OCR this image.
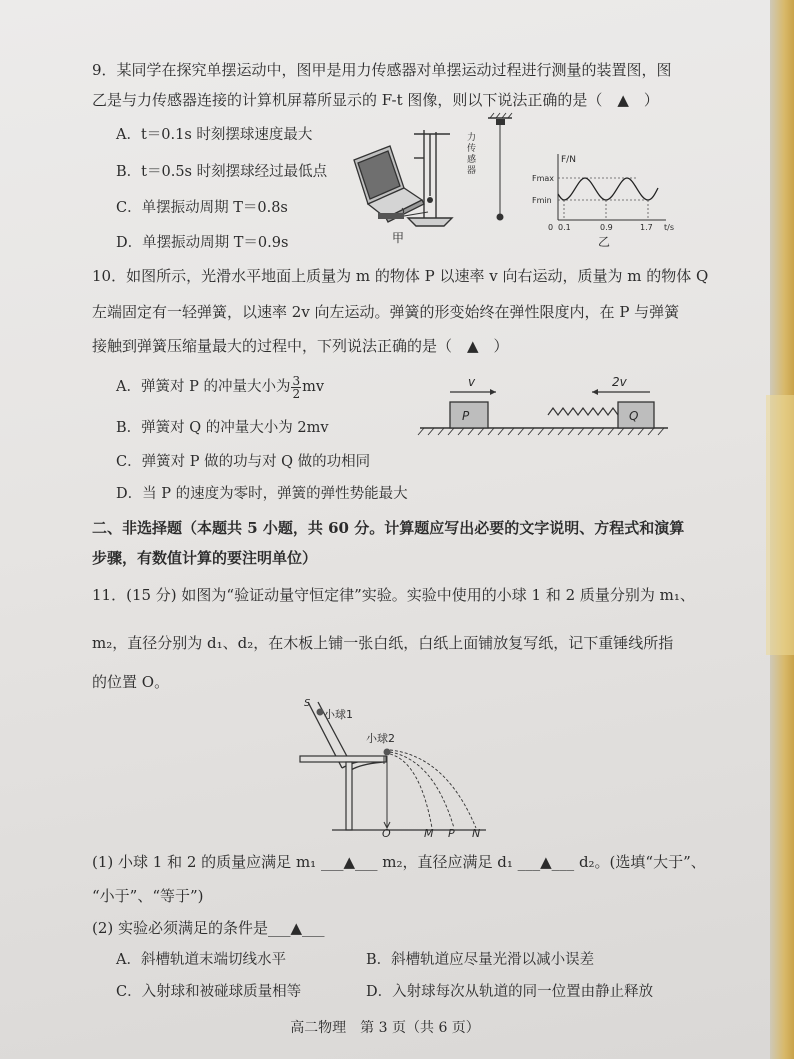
9．某同学在探究单摆运动中，图甲是用力传感器对单摆运动过程进行测量的装置图，图
乙是与力传感器连接的计算机屏幕所显示的 F-t 图像，则以下说法正确的是（　▲　）
A．t＝0.1s 时刻摆球速度最大
B．t＝0.5s 时刻摆球经过最低点
C．单摆振动周期 T＝0.8s
D．单摆振动周期 T＝0.9s	甲
力传感器
F/N
Fmax
Fmin
0 0.1	0.9	1.7 t/s
乙
10．如图所示，光滑水平地面上质量为 m 的物体 P 以速率 v 向右运动，质量为 m 的物体 Q
左端固定有一轻弹簧，以速率 2v 向左运动。弹簧的形变始终在弹性限度内，在 P 与弹簧
接触到弹簧压缩量最大的过程中，下列说法正确的是（　▲　）
A．弹簧对 P 的冲量大小为 $\frac{3}{2}$ mv
B．弹簧对 Q 的冲量大小为 2mv
C．弹簧对 P 做的功与对 Q 做的功相同
D．当 P 的速度为零时，弹簧的弹性势能最大
P
v
Q
2v
二、非选择题（本题共 5 小题，共 60 分。计算题应写出必要的文字说明、方程式和演算
步骤，有数值计算的要注明单位）
11．(15 分) 如图为“验证动量守恒定律”实验。实验中使用的小球 1 和 2 质量分别为 m₁、
m₂，直径分别为 d₁、d₂，在木板上铺一张白纸，白纸上面铺放复写纸，记下重锤线所指
的位置 O。
S
小球1
小球2
O	M P N
(1) 小球 1 和 2 的质量应满足 m₁ ___▲___ m₂，直径应满足 d₁ ___▲___ d₂。(选填“大于”、
“小于”、“等于”)
(2) 实验必须满足的条件是___▲___
A．斜槽轨道末端切线水平	B．斜槽轨道应尽量光滑以减小误差
C．入射球和被碰球质量相等	D．入射球每次从轨道的同一位置由静止释放
高二物理　第 3 页（共 6 页）
